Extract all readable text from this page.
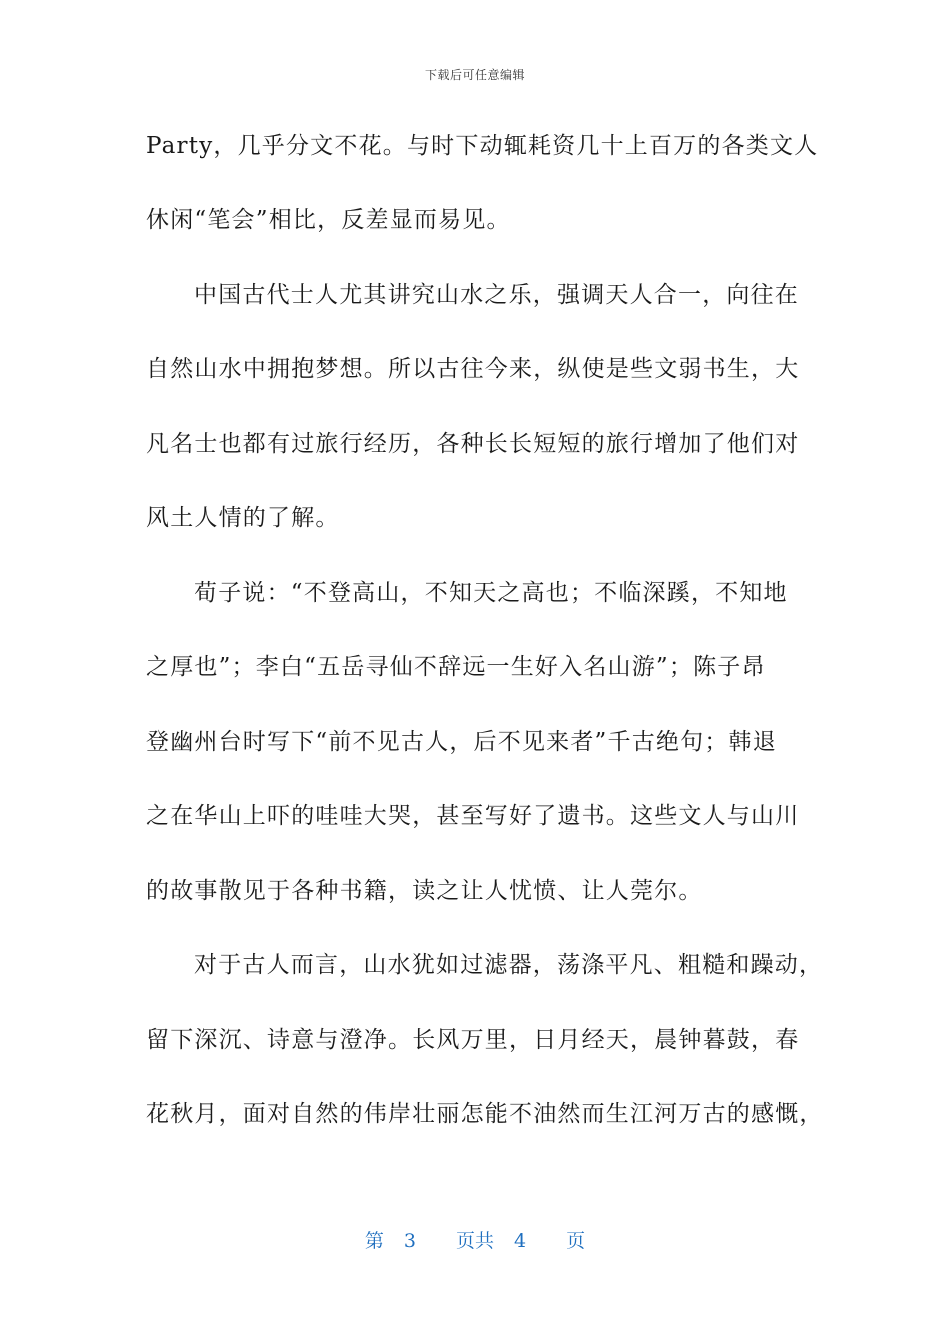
下载后可任意编辑
Party，几乎分文不花。与时下动辄耗资几十上百万的各类文人
休闲“笔会”相比，反差显而易见。
中国古代士人尤其讲究山水之乐，强调天人合一，向往在
自然山水中拥抱梦想。所以古往今来，纵使是些文弱书生，大
凡名士也都有过旅行经历，各种长长短短的旅行增加了他们对
风土人情的了解。
荀子说：“不登高山，不知天之高也；不临深蹊，不知地
之厚也”；李白“五岳寻仙不辞远一生好入名山游”；陈子昂
登幽州台时写下“前不见古人，后不见来者”千古绝句；韩退
之在华山上吓的哇哇大哭，甚至写好了遗书。这些文人与山川
的故事散见于各种书籍，读之让人忧愤、让人莞尔。
对于古人而言，山水犹如过滤器，荡涤平凡、粗糙和躁动，
留下深沉、诗意与澄净。长风万里，日月经天，晨钟暮鼓，春
花秋月，面对自然的伟岸壮丽怎能不油然而生江河万古的感慨，
第 3 页共 4 页
